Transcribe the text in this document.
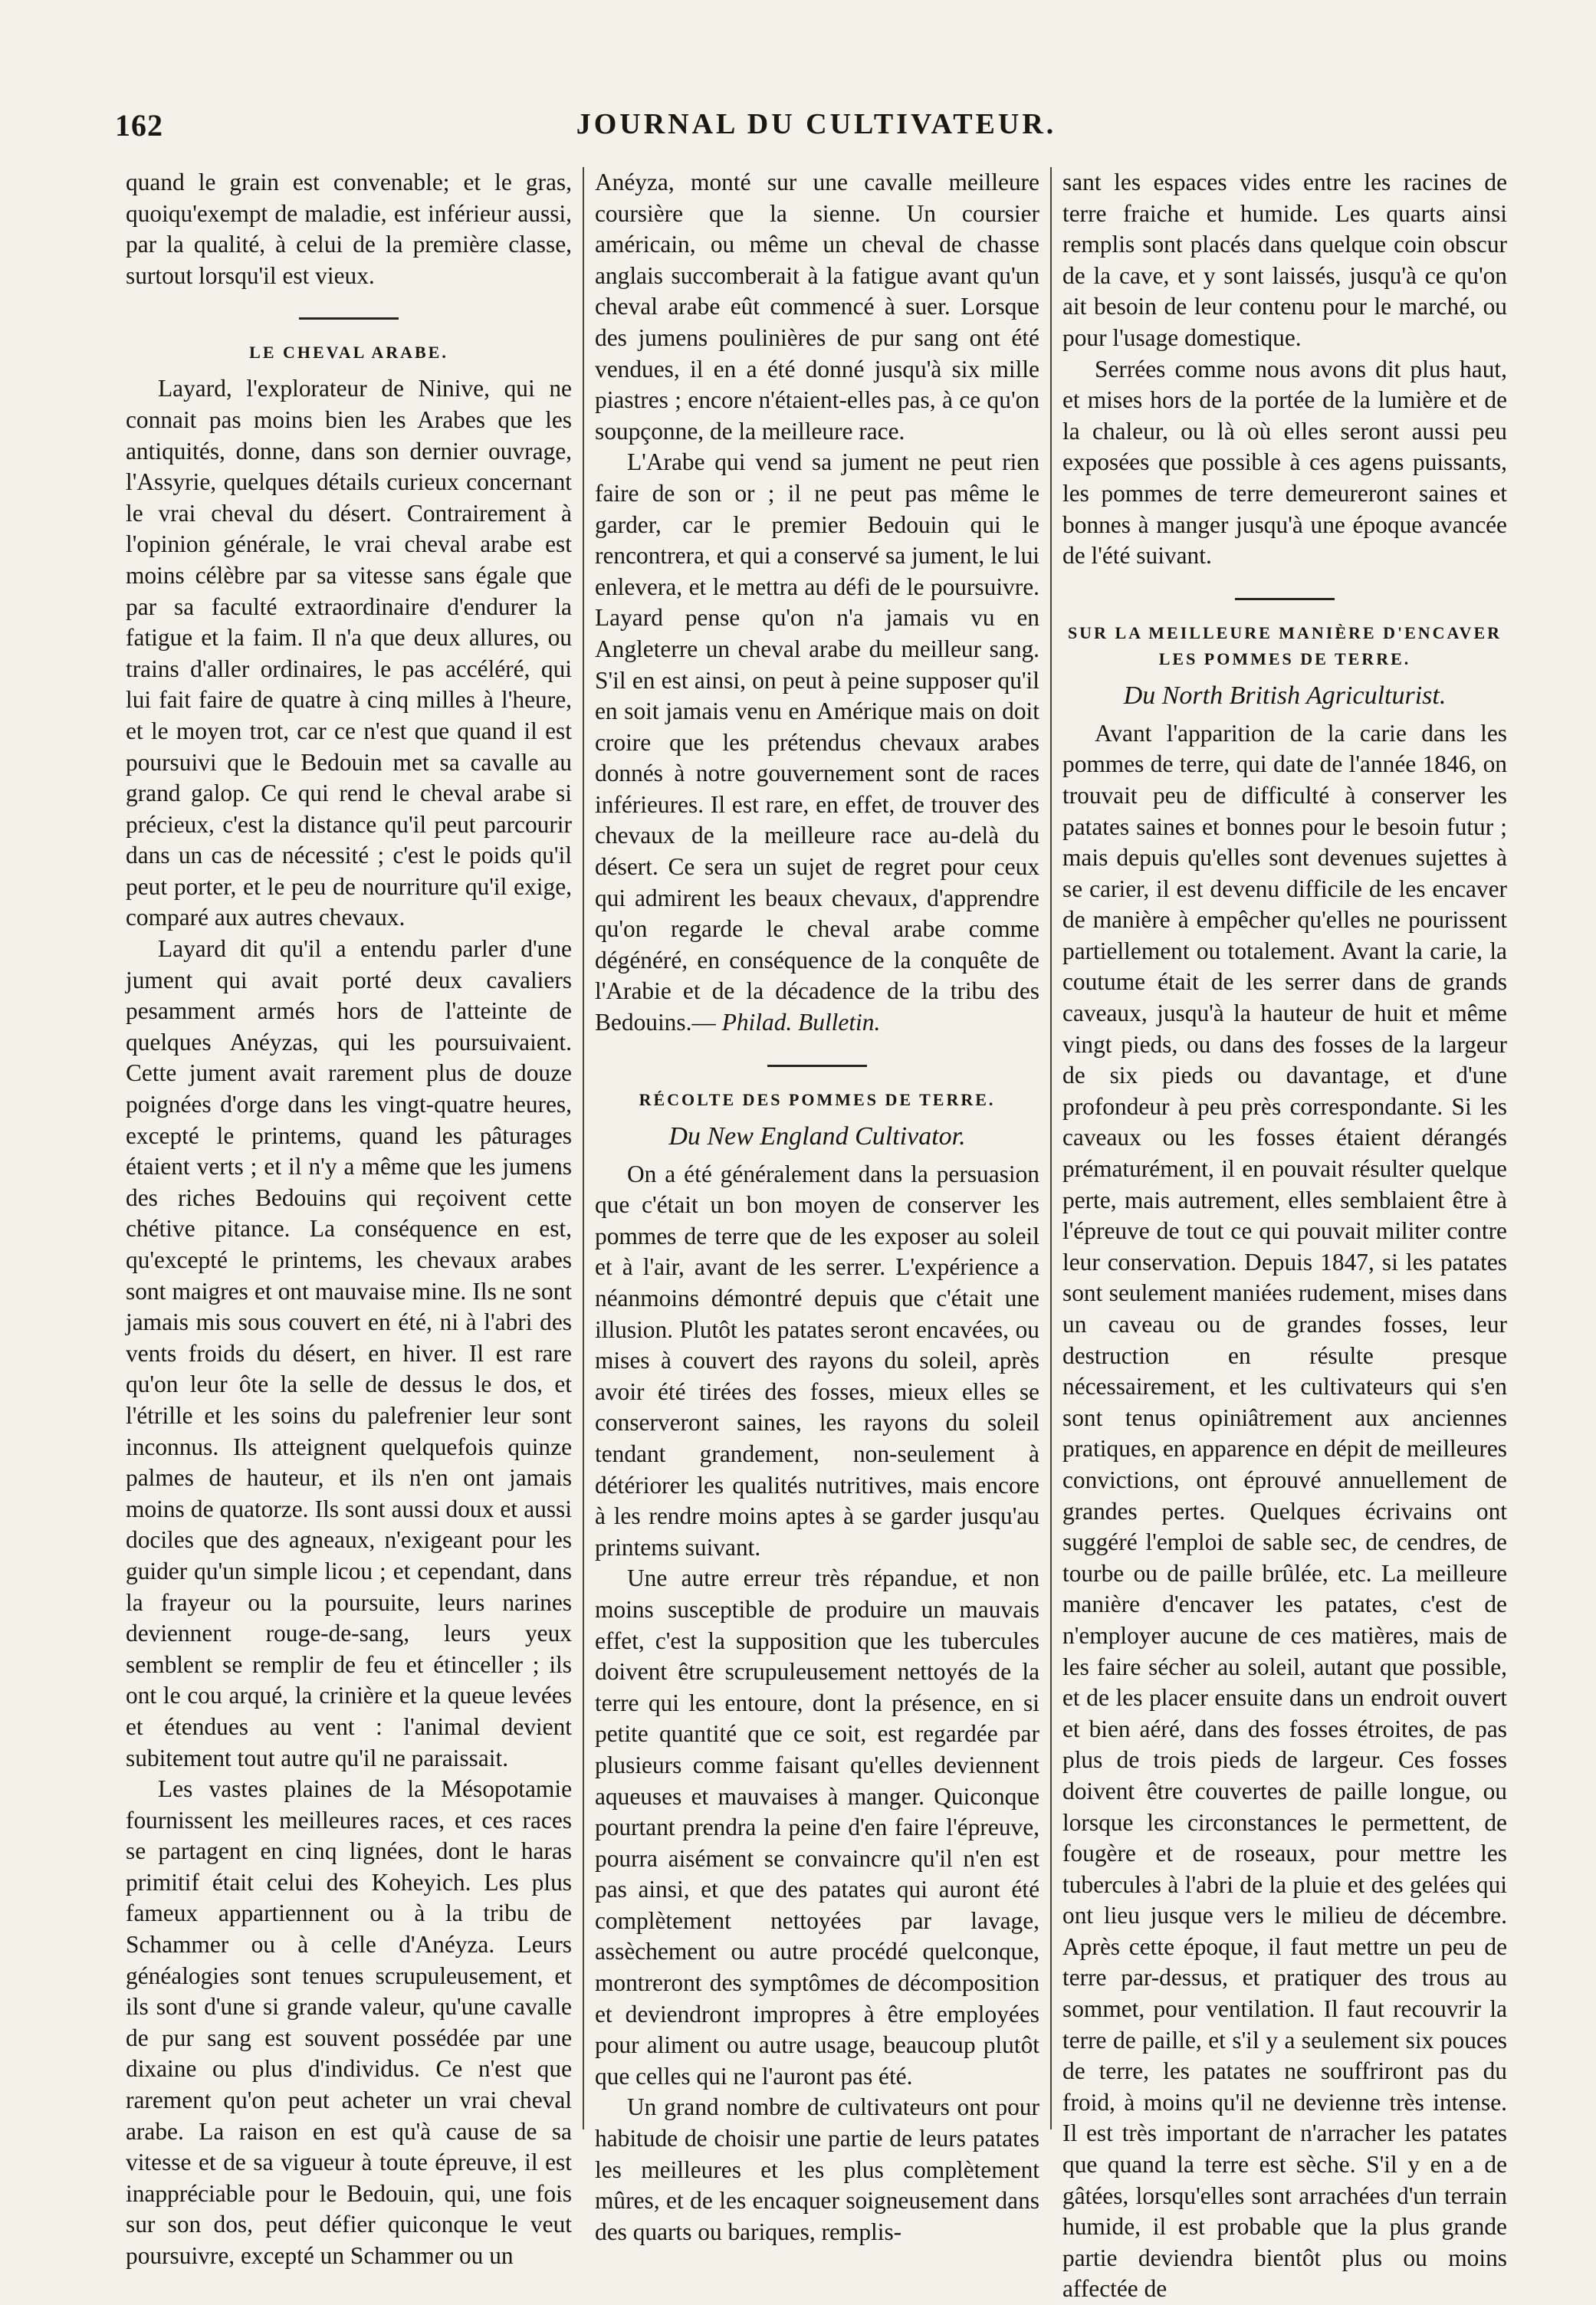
162	JOURNAL DU CULTIVATEUR.

quand le grain est convenable; et le gras, quoiqu'exempt de maladie, est inférieur aussi, par la qualité, à celui de la première classe, surtout lorsqu'il est vieux.

LE CHEVAL ARABE.

Layard, l'explorateur de Ninive, qui ne connait pas moins bien les Arabes que les antiquités, donne, dans son dernier ouvrage, l'Assyrie, quelques détails curieux concernant le vrai cheval du désert. Contrairement à l'opinion générale, le vrai cheval arabe est moins célèbre par sa vitesse sans égale que par sa faculté extraordinaire d'endurer la fatigue et la faim. Il n'a que deux allures, ou trains d'aller ordinaires, le pas accéléré, qui lui fait faire de quatre à cinq milles à l'heure, et le moyen trot, car ce n'est que quand il est poursuivi que le Bedouin met sa cavalle au grand galop. Ce qui rend le cheval arabe si précieux, c'est la distance qu'il peut parcourir dans un cas de nécessité ; c'est le poids qu'il peut porter, et le peu de nourriture qu'il exige, comparé aux autres chevaux.

Layard dit qu'il a entendu parler d'une jument qui avait porté deux cavaliers pesamment armés hors de l'atteinte de quelques Anéyzas, qui les poursuivaient. Cette jument avait rarement plus de douze poignées d'orge dans les vingt-quatre heures, excepté le printems, quand les pâturages étaient verts ; et il n'y a même que les jumens des riches Bedouins qui reçoivent cette chétive pitance. La conséquence en est, qu'excepté le printems, les chevaux arabes sont maigres et ont mauvaise mine. Ils ne sont jamais mis sous couvert en été, ni à l'abri des vents froids du désert, en hiver. Il est rare qu'on leur ôte la selle de dessus le dos, et l'étrille et les soins du palefrenier leur sont inconnus. Ils atteignent quelquefois quinze palmes de hauteur, et ils n'en ont jamais moins de quatorze. Ils sont aussi doux et aussi dociles que des agneaux, n'exigeant pour les guider qu'un simple licou ; et cependant, dans la frayeur ou la poursuite, leurs narines deviennent rouge-de-sang, leurs yeux semblent se remplir de feu et étinceller ; ils ont le cou arqué, la crinière et la queue levées et étendues au vent : l'animal devient subitement tout autre qu'il ne paraissait.

Les vastes plaines de la Mésopotamie fournissent les meilleures races, et ces races se partagent en cinq lignées, dont le haras primitif était celui des Koheyich. Les plus fameux appartiennent ou à la tribu de Schammer ou à celle d'Anéyza. Leurs généalogies sont tenues scrupuleusement, et ils sont d'une si grande valeur, qu'une cavalle de pur sang est souvent possédée par une dixaine ou plus d'individus. Ce n'est que rarement qu'on peut acheter un vrai cheval arabe. La raison en est qu'à cause de sa vitesse et de sa vigueur à toute épreuve, il est inappréciable pour le Bedouin, qui, une fois sur son dos, peut défier quiconque le veut poursuivre, excepté un Schammer ou un

Anéyza, monté sur une cavalle meilleure coursière que la sienne. Un coursier américain, ou même un cheval de chasse anglais succomberait à la fatigue avant qu'un cheval arabe eût commencé à suer. Lorsque des jumens poulinières de pur sang ont été vendues, il en a été donné jusqu'à six mille piastres ; encore n'étaient-elles pas, à ce qu'on soupçonne, de la meilleure race.

L'Arabe qui vend sa jument ne peut rien faire de son or ; il ne peut pas même le garder, car le premier Bedouin qui le rencontrera, et qui a conservé sa jument, le lui enlevera, et le mettra au défi de le poursuivre. Layard pense qu'on n'a jamais vu en Angleterre un cheval arabe du meilleur sang. S'il en est ainsi, on peut à peine supposer qu'il en soit jamais venu en Amérique mais on doit croire que les prétendus chevaux arabes donnés à notre gouvernement sont de races inférieures. Il est rare, en effet, de trouver des chevaux de la meilleure race au-delà du désert. Ce sera un sujet de regret pour ceux qui admirent les beaux chevaux, d'apprendre qu'on regarde le cheval arabe comme dégénéré, en conséquence de la conquête de l'Arabie et de la décadence de la tribu des Bedouins.— Philad. Bulletin.

RÉCOLTE DES POMMES DE TERRE.
Du New England Cultivator.

On a été généralement dans la persuasion que c'était un bon moyen de conserver les pommes de terre que de les exposer au soleil et à l'air, avant de les serrer. L'expérience a néanmoins démontré depuis que c'était une illusion. Plutôt les patates seront encavées, ou mises à couvert des rayons du soleil, après avoir été tirées des fosses, mieux elles se conserveront saines, les rayons du soleil tendant grandement, non-seulement à détériorer les qualités nutritives, mais encore à les rendre moins aptes à se garder jusqu'au printems suivant.

Une autre erreur très répandue, et non moins susceptible de produire un mauvais effet, c'est la supposition que les tubercules doivent être scrupuleusement nettoyés de la terre qui les entoure, dont la présence, en si petite quantité que ce soit, est regardée par plusieurs comme faisant qu'elles deviennent aqueuses et mauvaises à manger. Quiconque pourtant prendra la peine d'en faire l'épreuve, pourra aisément se convaincre qu'il n'en est pas ainsi, et que des patates qui auront été complètement nettoyées par lavage, assèchement ou autre procédé quelconque, montreront des symptômes de décomposition et deviendront impropres à être employées pour aliment ou autre usage, beaucoup plutôt que celles qui ne l'auront pas été.

Un grand nombre de cultivateurs ont pour habitude de choisir une partie de leurs patates les meilleures et les plus complètement mûres, et de les encaquer soigneusement dans des quarts ou bariques, remplis-

sant les espaces vides entre les racines de terre fraiche et humide. Les quarts ainsi remplis sont placés dans quelque coin obscur de la cave, et y sont laissés, jusqu'à ce qu'on ait besoin de leur contenu pour le marché, ou pour l'usage domestique.

Serrées comme nous avons dit plus haut, et mises hors de la portée de la lumière et de la chaleur, ou là où elles seront aussi peu exposées que possible à ces agens puissants, les pommes de terre demeureront saines et bonnes à manger jusqu'à une époque avancée de l'été suivant.

SUR LA MEILLEURE MANIÈRE D'ENCAVER LES POMMES DE TERRE.
Du North British Agriculturist.

Avant l'apparition de la carie dans les pommes de terre, qui date de l'année 1846, on trouvait peu de difficulté à conserver les patates saines et bonnes pour le besoin futur ; mais depuis qu'elles sont devenues sujettes à se carier, il est devenu difficile de les encaver de manière à empêcher qu'elles ne pourissent partiellement ou totalement. Avant la carie, la coutume était de les serrer dans de grands caveaux, jusqu'à la hauteur de huit et même vingt pieds, ou dans des fosses de la largeur de six pieds ou davantage, et d'une profondeur à peu près correspondante. Si les caveaux ou les fosses étaient dérangés prématurément, il en pouvait résulter quelque perte, mais autrement, elles semblaient être à l'épreuve de tout ce qui pouvait militer contre leur conservation. Depuis 1847, si les patates sont seulement maniées rudement, mises dans un caveau ou de grandes fosses, leur destruction en résulte presque nécessairement, et les cultivateurs qui s'en sont tenus opiniâtrement aux anciennes pratiques, en apparence en dépit de meilleures convictions, ont éprouvé annuellement de grandes pertes. Quelques écrivains ont suggéré l'emploi de sable sec, de cendres, de tourbe ou de paille brûlée, etc. La meilleure manière d'encaver les patates, c'est de n'employer aucune de ces matières, mais de les faire sécher au soleil, autant que possible, et de les placer ensuite dans un endroit ouvert et bien aéré, dans des fosses étroites, de pas plus de trois pieds de largeur. Ces fosses doivent être couvertes de paille longue, ou lorsque les circonstances le permettent, de fougère et de roseaux, pour mettre les tubercules à l'abri de la pluie et des gelées qui ont lieu jusque vers le milieu de décembre. Après cette époque, il faut mettre un peu de terre par-dessus, et pratiquer des trous au sommet, pour ventilation. Il faut recouvrir la terre de paille, et s'il y a seulement six pouces de terre, les patates ne souffriront pas du froid, à moins qu'il ne devienne très intense. Il est très important de n'arracher les patates que quand la terre est sèche. S'il y en a de gâtées, lorsqu'elles sont arrachées d'un terrain humide, il est probable que la plus grande partie deviendra bientôt plus ou moins affectée de
